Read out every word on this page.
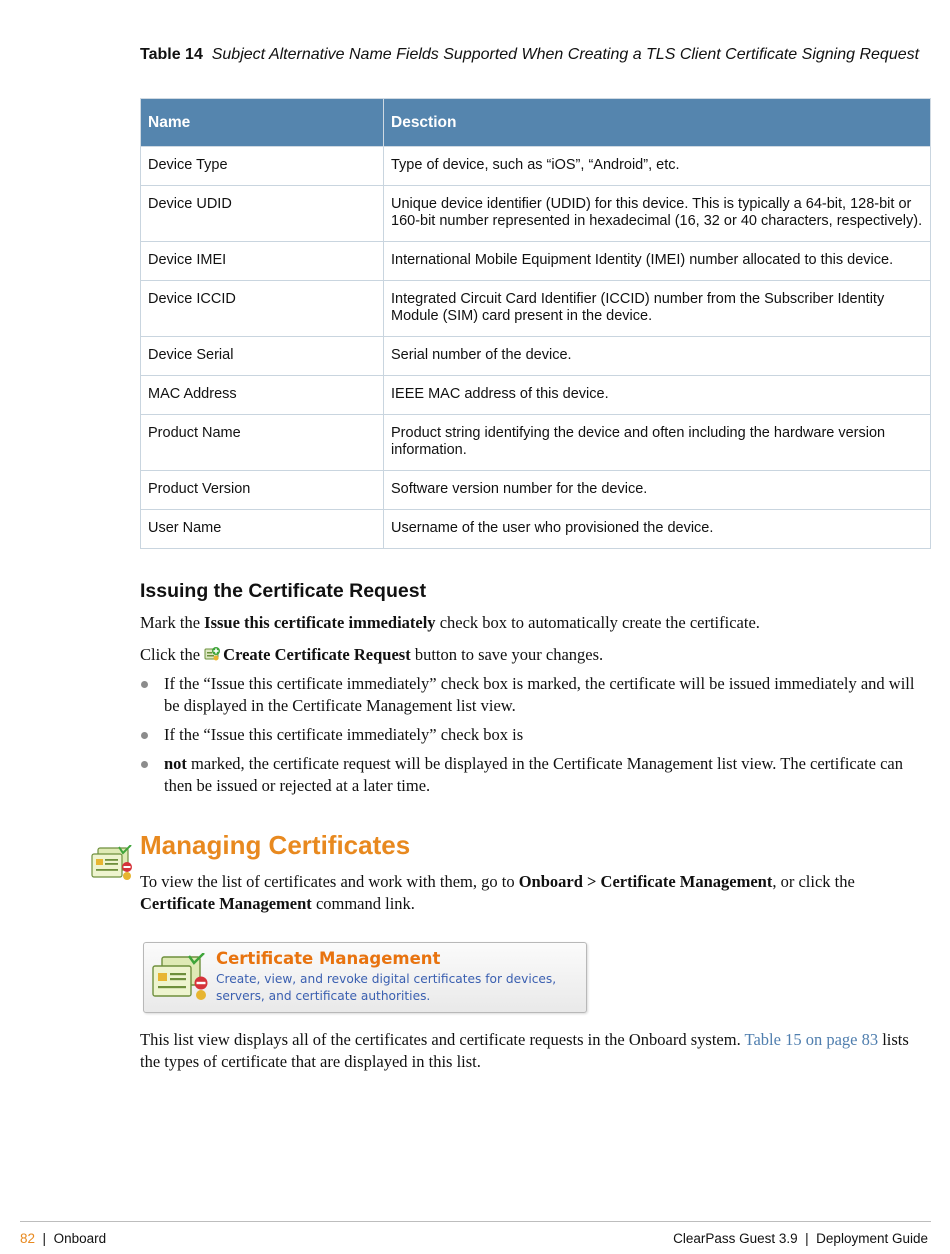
Table 14 Subject Alternative Name Fields Supported When Creating a TLS Client Certificate Signing Request
Name	Desction
Device Type	Type of device, such as “iOS”, “Android”, etc.
Device UDID	Unique device identifier (UDID) for this device. This is typically a 64-bit, 128-bit or 160-bit number represented in hexadecimal (16, 32 or 40 characters, respectively).
Device IMEI	International Mobile Equipment Identity (IMEI) number allocated to this device.
Device ICCID	Integrated Circuit Card Identifier (ICCID) number from the Subscriber Identity Module (SIM) card present in the device.
Device Serial	Serial number of the device.
MAC Address	IEEE MAC address of this device.
Product Name	Product string identifying the device and often including the hardware version information.
Product Version	Software version number for the device.
User Name	Username of the user who provisioned the device.
Issuing the Certificate Request
Mark the Issue this certificate immediately check box to automatically create the certificate.
Click the Create Certificate Request button to save your changes.
If the “Issue this certificate immediately” check box is marked, the certificate will be issued immediately and will be displayed in the Certificate Management list view.
If the “Issue this certificate immediately” check box is
not marked, the certificate request will be displayed in the Certificate Management list view. The certificate can then be issued or rejected at a later time.
Managing Certificates
To view the list of certificates and work with them, go to Onboard > Certificate Management, or click the Certificate Management command link.
Certificate Management
Create, view, and revoke digital certificates for devices, servers, and certificate authorities.
This list view displays all of the certificates and certificate requests in the Onboard system. Table 15 on page 83 lists the types of certificate that are displayed in this list.
82 | Onboard	ClearPass Guest 3.9  |  Deployment Guide
